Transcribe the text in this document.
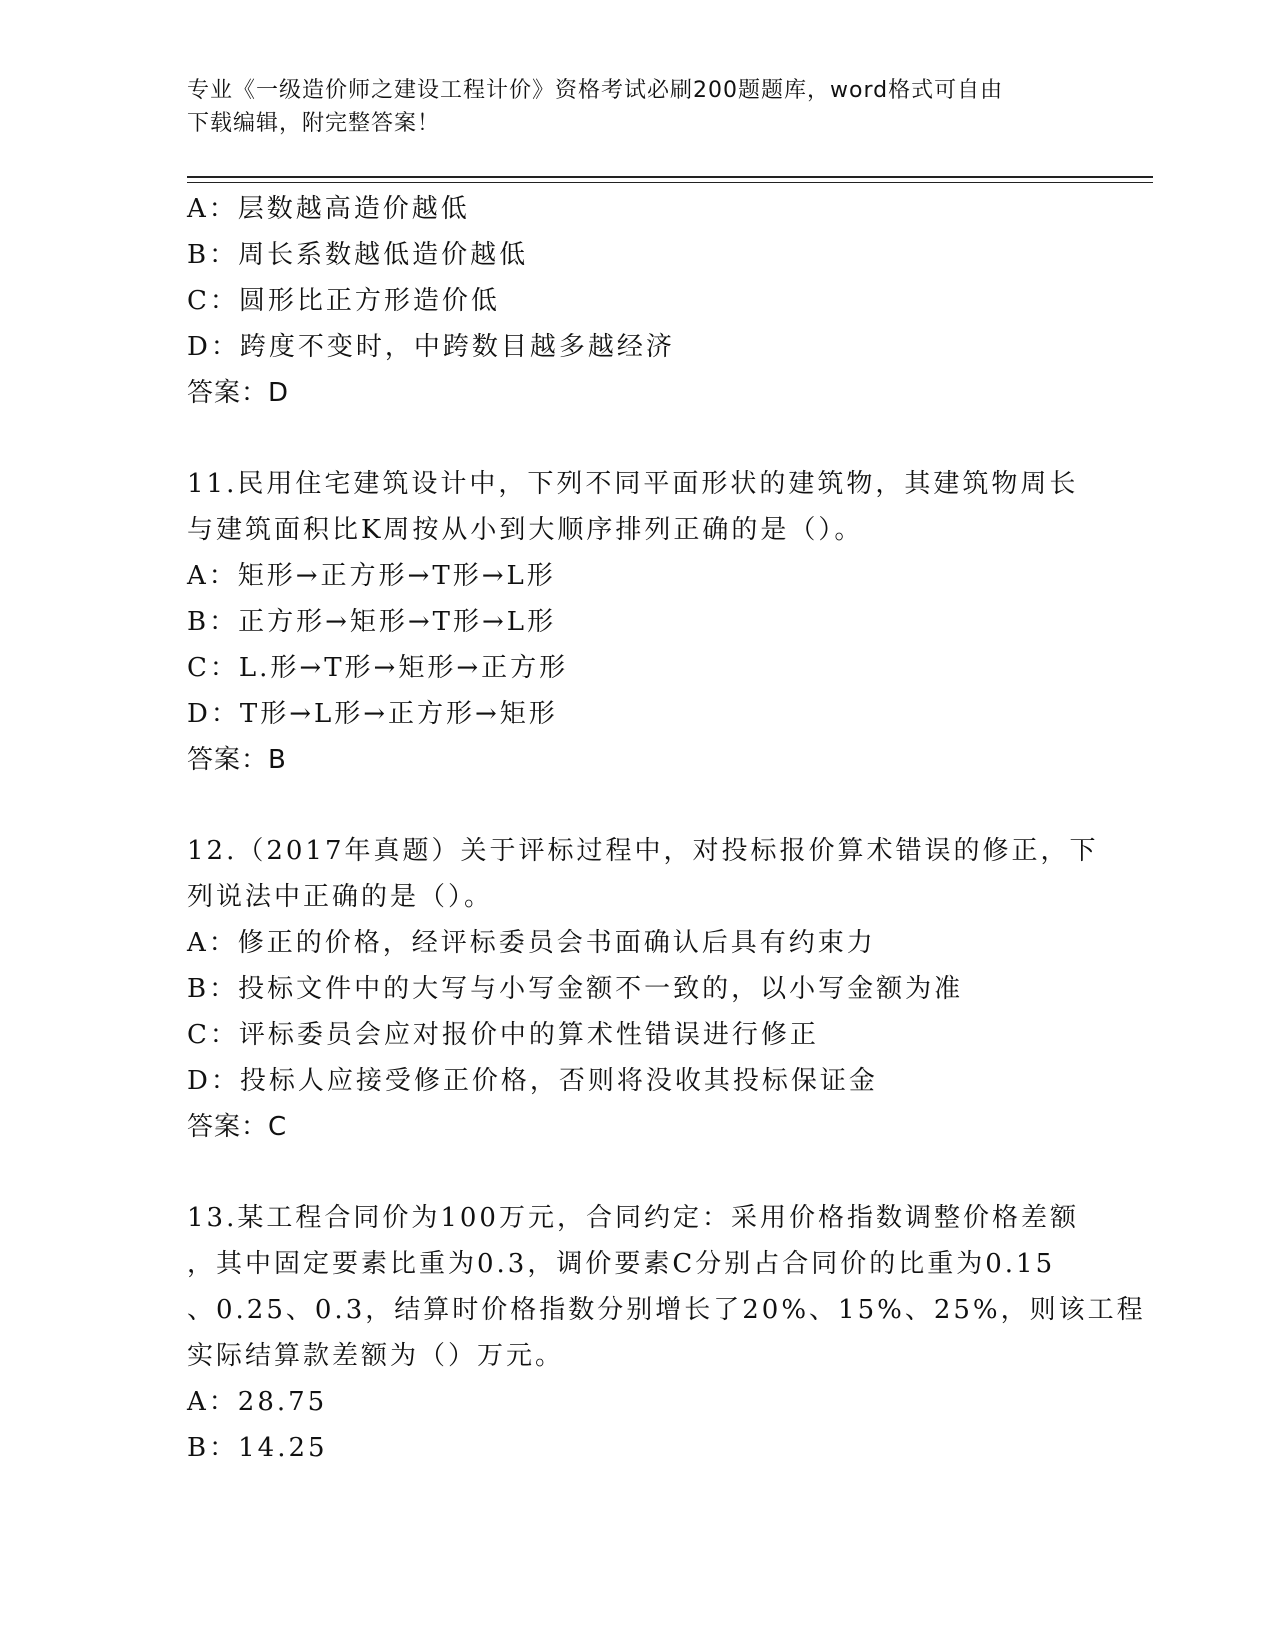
专业《一级造价师之建设工程计价》资格考试必刷200题题库，word格式可自由
下载编辑，附完整答案！

A：层数越高造价越低

B：周长系数越低造价越低

C：圆形比正方形造价低

D：跨度不变时，中跨数目越多越经济

答案：D

11.民用住宅建筑设计中，下列不同平面形状的建筑物，其建筑物周长

与建筑面积比K周按从小到大顺序排列正确的是（）。

A：矩形→正方形→T形→L形

B：正方形→矩形→T形→L形

C：L.形→T形→矩形→正方形

D：T形→L形→正方形→矩形

答案：B

12.（2017年真题）关于评标过程中，对投标报价算术错误的修正，下

列说法中正确的是（）。

A：修正的价格，经评标委员会书面确认后具有约束力

B：投标文件中的大写与小写金额不一致的，以小写金额为准

C：评标委员会应对报价中的算术性错误进行修正

D：投标人应接受修正价格，否则将没收其投标保证金

答案：C

13.某工程合同价为100万元，合同约定：采用价格指数调整价格差额

，其中固定要素比重为0.3，调价要素C分别占合同价的比重为0.15

、0.25、0.3，结算时价格指数分别增长了20%、15%、25%，则该工程

实际结算款差额为（）万元。

A：28.75

B：14.25
